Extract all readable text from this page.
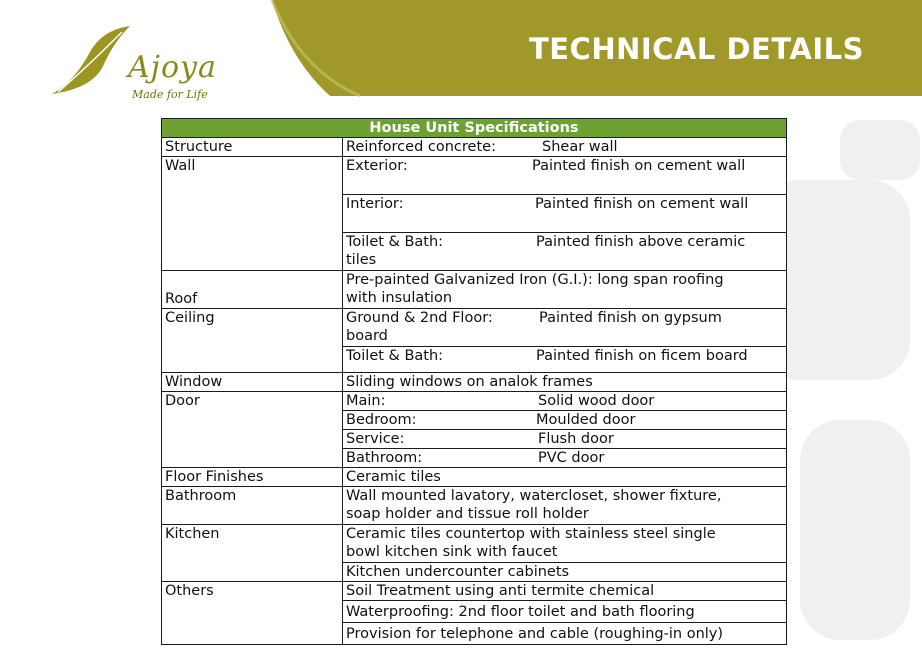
Ajoya
Made for Life
TECHNICAL DETAILS
House Unit Specifications	
Structure	Reinforced concrete: Shear wall
Wall	Exterior: Painted finish on cement wall
	Interior: Painted finish on cement wall

	Toilet & Bath: Painted finish above ceramic
tiles

Roof	Pre-painted Galvanized Iron (G.I.): long span roofing
with insulation

Ceiling	Ground & 2nd Floor: Painted finish on gypsum
board

	Toilet & Bath: Painted finish on ficem board
Window	Sliding windows on analok frames
Door	Main: Solid wood door
	Bedroom: Moulded door
	Service: Flush door
	Bathroom: PVC door
Floor Finishes	Ceramic tiles
Bathroom	Wall mounted lavatory, watercloset, shower fixture,
soap holder and tissue roll holder

Kitchen	Ceramic tiles countertop with stainless steel single
bowl kitchen sink with faucet

	Kitchen undercounter cabinets
Others	Soil Treatment using anti termite chemical
	Waterproofing: 2nd floor toilet and bath flooring
	Provision for telephone and cable (roughing-in only)
